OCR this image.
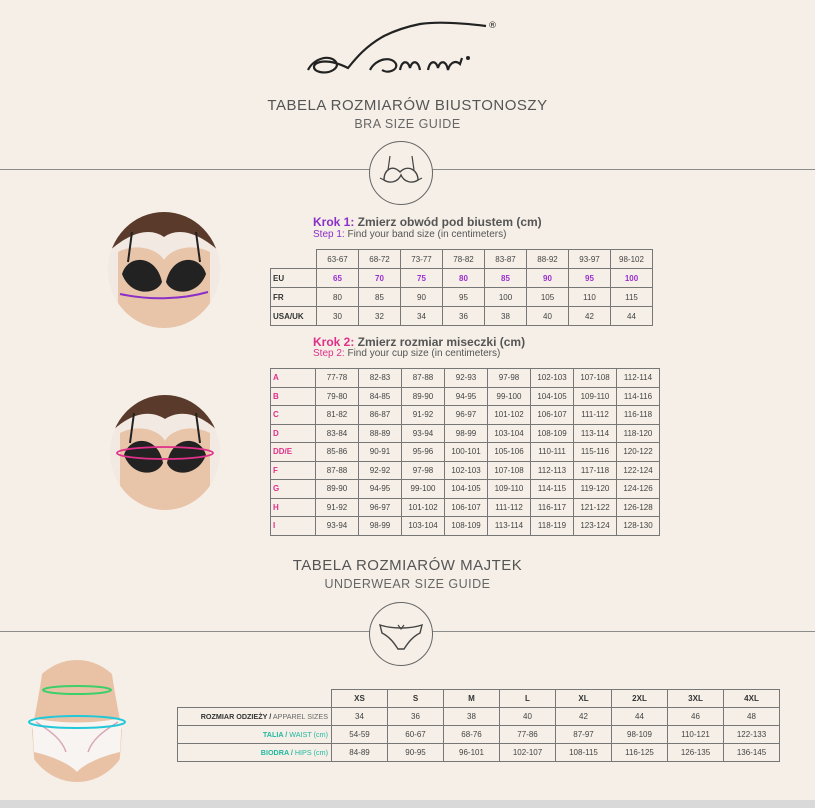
®
TABELA ROZMIARÓW BIUSTONOSZY
BRA SIZE GUIDE
Krok 1: Zmierz obwód pod biustem (cm)
Step 1: Find your band size (in centimeters)
	63-67	68-72	73-77	78-82	83-87	88-92	93-97	98-102
EU	65	70	75	80	85	90	95	100
FR	80	85	90	95	100	105	110	115
USA/UK	30	32	34	36	38	40	42	44
Krok 2: Zmierz rozmiar miseczki (cm)
Step 2: Find your cup size (in centimeters)
A	77-78	82-83	87-88	92-93	97-98	102-103	107-108	112-114
B	79-80	84-85	89-90	94-95	99-100	104-105	109-110	114-116
C	81-82	86-87	91-92	96-97	101-102	106-107	111-112	116-118
D	83-84	88-89	93-94	98-99	103-104	108-109	113-114	118-120
DD/E	85-86	90-91	95-96	100-101	105-106	110-111	115-116	120-122
F	87-88	92-92	97-98	102-103	107-108	112-113	117-118	122-124
G	89-90	94-95	99-100	104-105	109-110	114-115	119-120	124-126
H	91-92	96-97	101-102	106-107	111-112	116-117	121-122	126-128
I	93-94	98-99	103-104	108-109	113-114	118-119	123-124	128-130
TABELA ROZMIARÓW MAJTEK
UNDERWEAR SIZE GUIDE
	XS	S	M	L	XL	2XL	3XL	4XL
ROZMIAR ODZIEŻY / APPAREL SIZES	34	36	38	40	42	44	46	48
TALIA / WAIST (cm)	54-59	60-67	68-76	77-86	87-97	98-109	110-121	122-133
BIODRA / HIPS (cm)	84-89	90-95	96-101	102-107	108-115	116-125	126-135	136-145
